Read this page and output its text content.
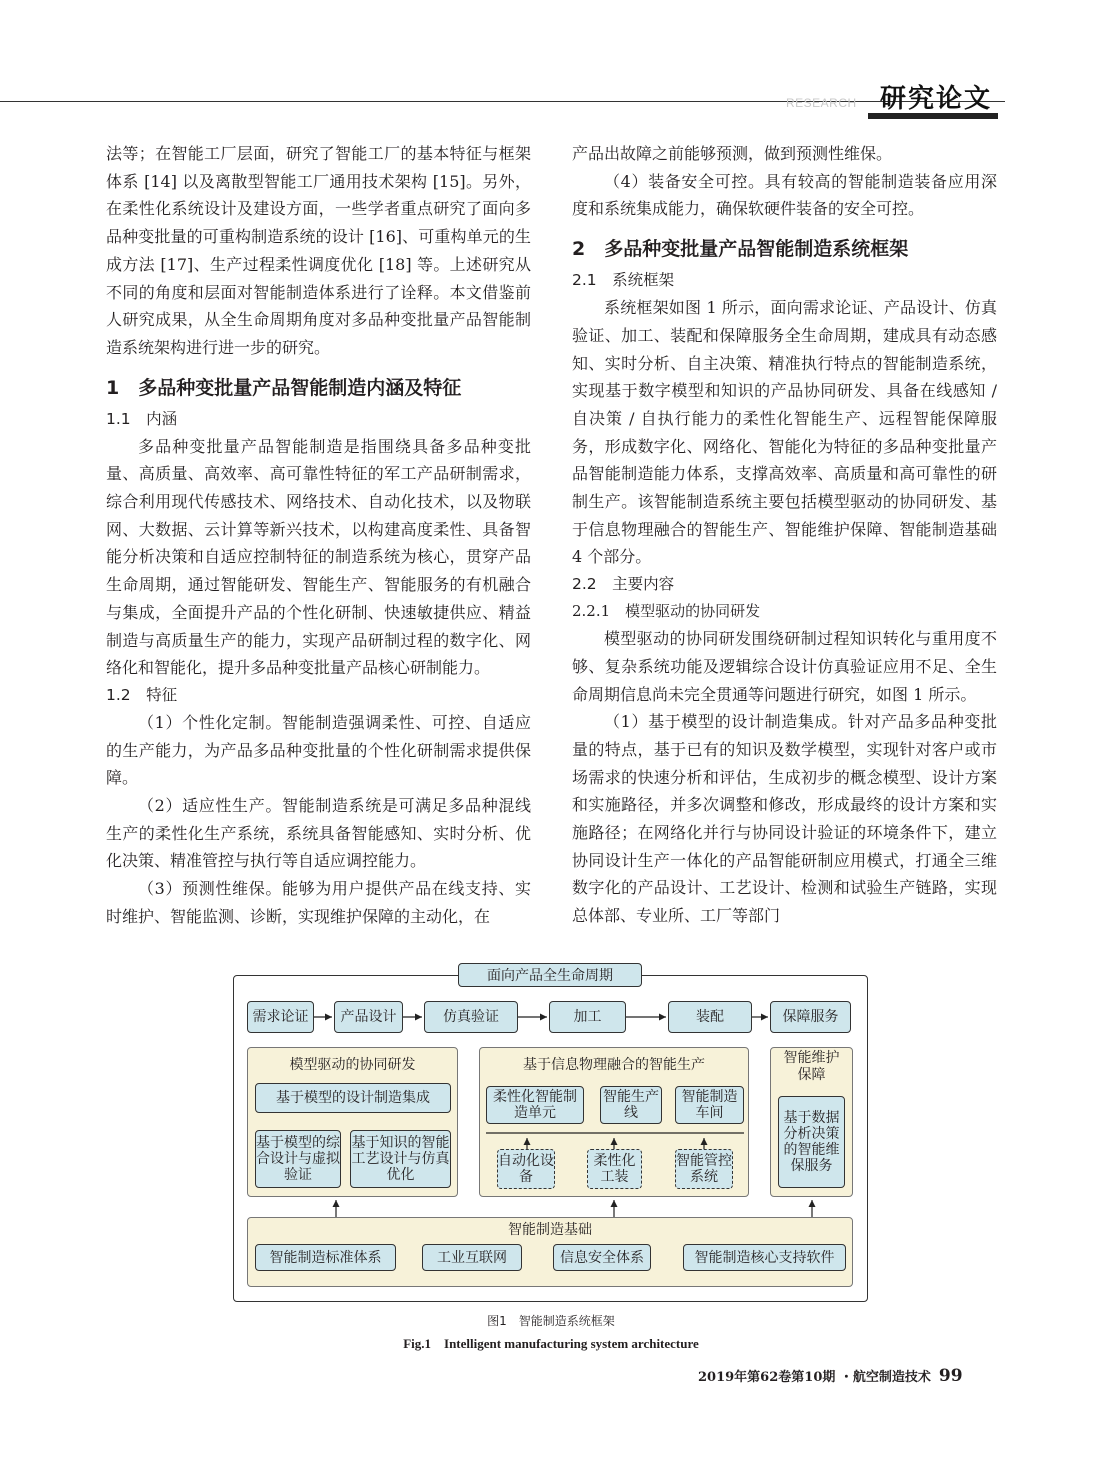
RESEARCH 研究论文

法等；在智能工厂层面，研究了智能工厂的基本特征与框架体系 [14] 以及离散型智能工厂通用技术架构 [15]。另外，在柔性化系统设计及建设方面，一些学者重点研究了面向多品种变批量的可重构制造系统的设计 [16]、可重构单元的生成方法 [17]、生产过程柔性调度优化 [18] 等。上述研究从不同的角度和层面对智能制造体系进行了诠释。本文借鉴前人研究成果，从全生命周期角度对多品种变批量产品智能制造系统架构进行进一步的研究。

1　多品种变批量产品智能制造内涵及特征
1.1　内涵

多品种变批量产品智能制造是指围绕具备多品种变批量、高质量、高效率、高可靠性特征的军工产品研制需求，综合利用现代传感技术、网络技术、自动化技术，以及物联网、大数据、云计算等新兴技术，以构建高度柔性、具备智能分析决策和自适应控制特征的制造系统为核心，贯穿产品生命周期，通过智能研发、智能生产、智能服务的有机融合与集成，全面提升产品的个性化研制、快速敏捷供应、精益制造与高质量生产的能力，实现产品研制过程的数字化、网络化和智能化，提升多品种变批量产品核心研制能力。

1.2　特征

（1）个性化定制。智能制造强调柔性、可控、自适应的生产能力，为产品多品种变批量的个性化研制需求提供保障。

（2）适应性生产。智能制造系统是可满足多品种混线生产的柔性化生产系统，系统具备智能感知、实时分析、优化决策、精准管控与执行等自适应调控能力。

（3）预测性维保。能够为用户提供产品在线支持、实时维护、智能监测、诊断，实现维护保障的主动化，在

产品出故障之前能够预测，做到预测性维保。

（4）装备安全可控。具有较高的智能制造装备应用深度和系统集成能力，确保软硬件装备的安全可控。

2　多品种变批量产品智能制造系统框架
2.1　系统框架

系统框架如图 1 所示，面向需求论证、产品设计、仿真验证、加工、装配和保障服务全生命周期，建成具有动态感知、实时分析、自主决策、精准执行特点的智能制造系统，实现基于数字模型和知识的产品协同研发、具备在线感知 / 自决策 / 自执行能力的柔性化智能生产、远程智能保障服务，形成数字化、网络化、智能化为特征的多品种变批量产品智能制造能力体系，支撑高效率、高质量和高可靠性的研制生产。该智能制造系统主要包括模型驱动的协同研发、基于信息物理融合的智能生产、智能维护保障、智能制造基础 4 个部分。

2.2　主要内容
2.2.1　模型驱动的协同研发

模型驱动的协同研发围绕研制过程知识转化与重用度不够、复杂系统功能及逻辑综合设计仿真验证应用不足、全生命周期信息尚未完全贯通等问题进行研究，如图 1 所示。

（1）基于模型的设计制造集成。针对产品多品种变批量的特点，基于已有的知识及数学模型，实现针对客户或市场需求的快速分析和评估，生成初步的概念模型、设计方案和实施路径，并多次调整和修改，形成最终的设计方案和实施路径；在网络化并行与协同设计验证的环境条件下，建立协同设计生产一体化的产品智能研制应用模式，打通全三维数字化的产品设计、工艺设计、检测和试验生产链路，实现总体部、专业所、工厂等部门

面向产品全生命周期
需求论证	产品设计	仿真验证	加工	装配	保障服务
模型驱动的协同研发
基于模型的设计制造集成
基于模型的综合设计与虚拟验证
基于知识的智能工艺设计与仿真优化
基于信息物理融合的智能生产
柔性化智能制造单元
智能生产线
智能制造车间
自动化设备
柔性化工装
智能管控系统
智能维护保障
基于数据分析决策的智能维保服务
智能制造基础
智能制造标准体系	工业互联网	信息安全体系	智能制造核心支持软件
图1　智能制造系统框架
Fig.1　Intelligent manufacturing system architecture
2019年第62卷第10期 ・航空制造技术 99
